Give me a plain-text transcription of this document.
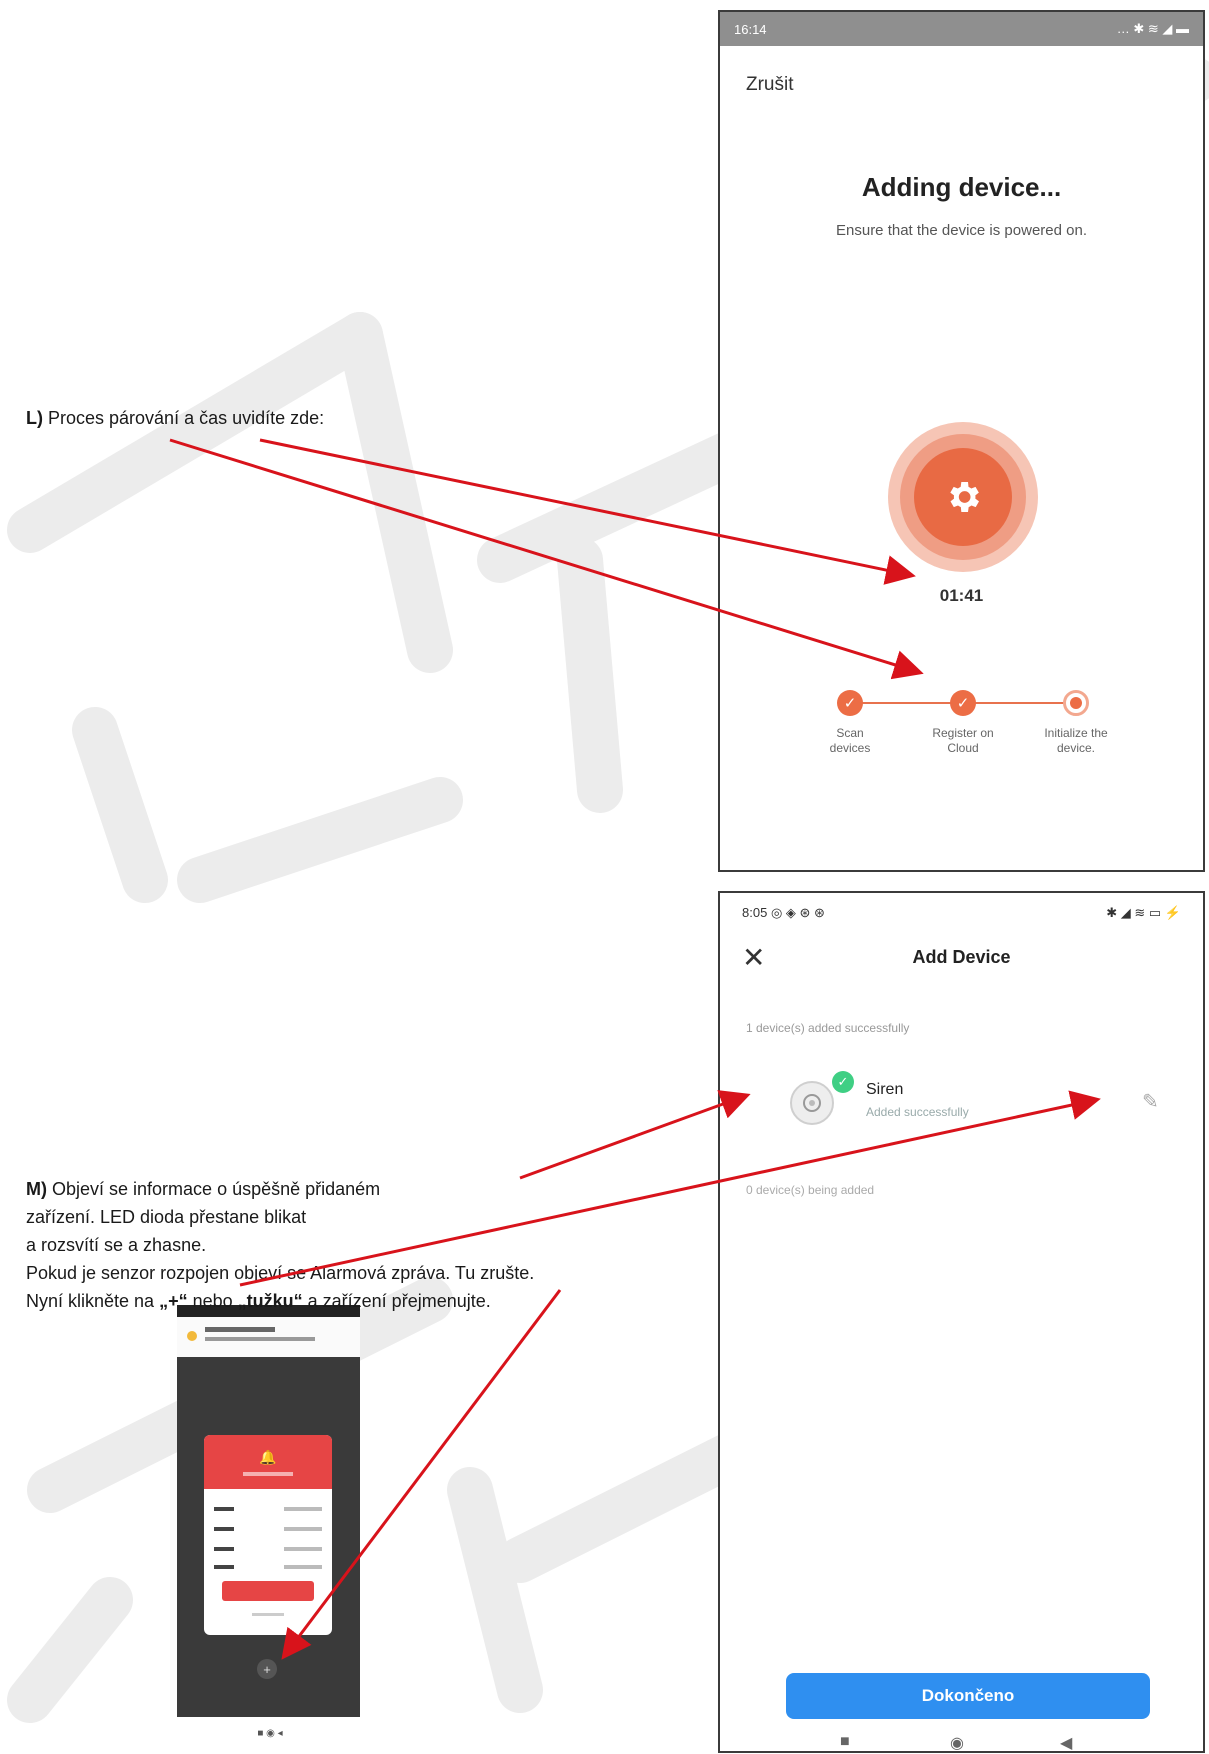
L) Proces párování a čas uvidíte zde:
M) Objeví se informace o úspěšně přidaném
zařízení. LED dioda přestane blikat
a rozsvítí se a zhasne.
Pokud je senzor rozpojen objeví se Alarmová zpráva. Tu zrušte.
Nyní klikněte na „+“ nebo „tužku“ a zařízení přejmenujte.
16:14	… ✱ ≋ ◢ ▬
Zrušit
Adding device...
Ensure that the device is powered on.
01:41
✓	✓
Scan
devices
Register on
Cloud
Initialize the
device.
8:05 ◎ ◈ ⊛ ⊛	✱ ◢ ≋ ▭ ⚡
✕	Add Device
1 device(s) added successfully
✓	Siren
Added successfully	✎
0 device(s) being added
Dokončeno
■	◉	◀
🔔
+
■ ◉ ◂
